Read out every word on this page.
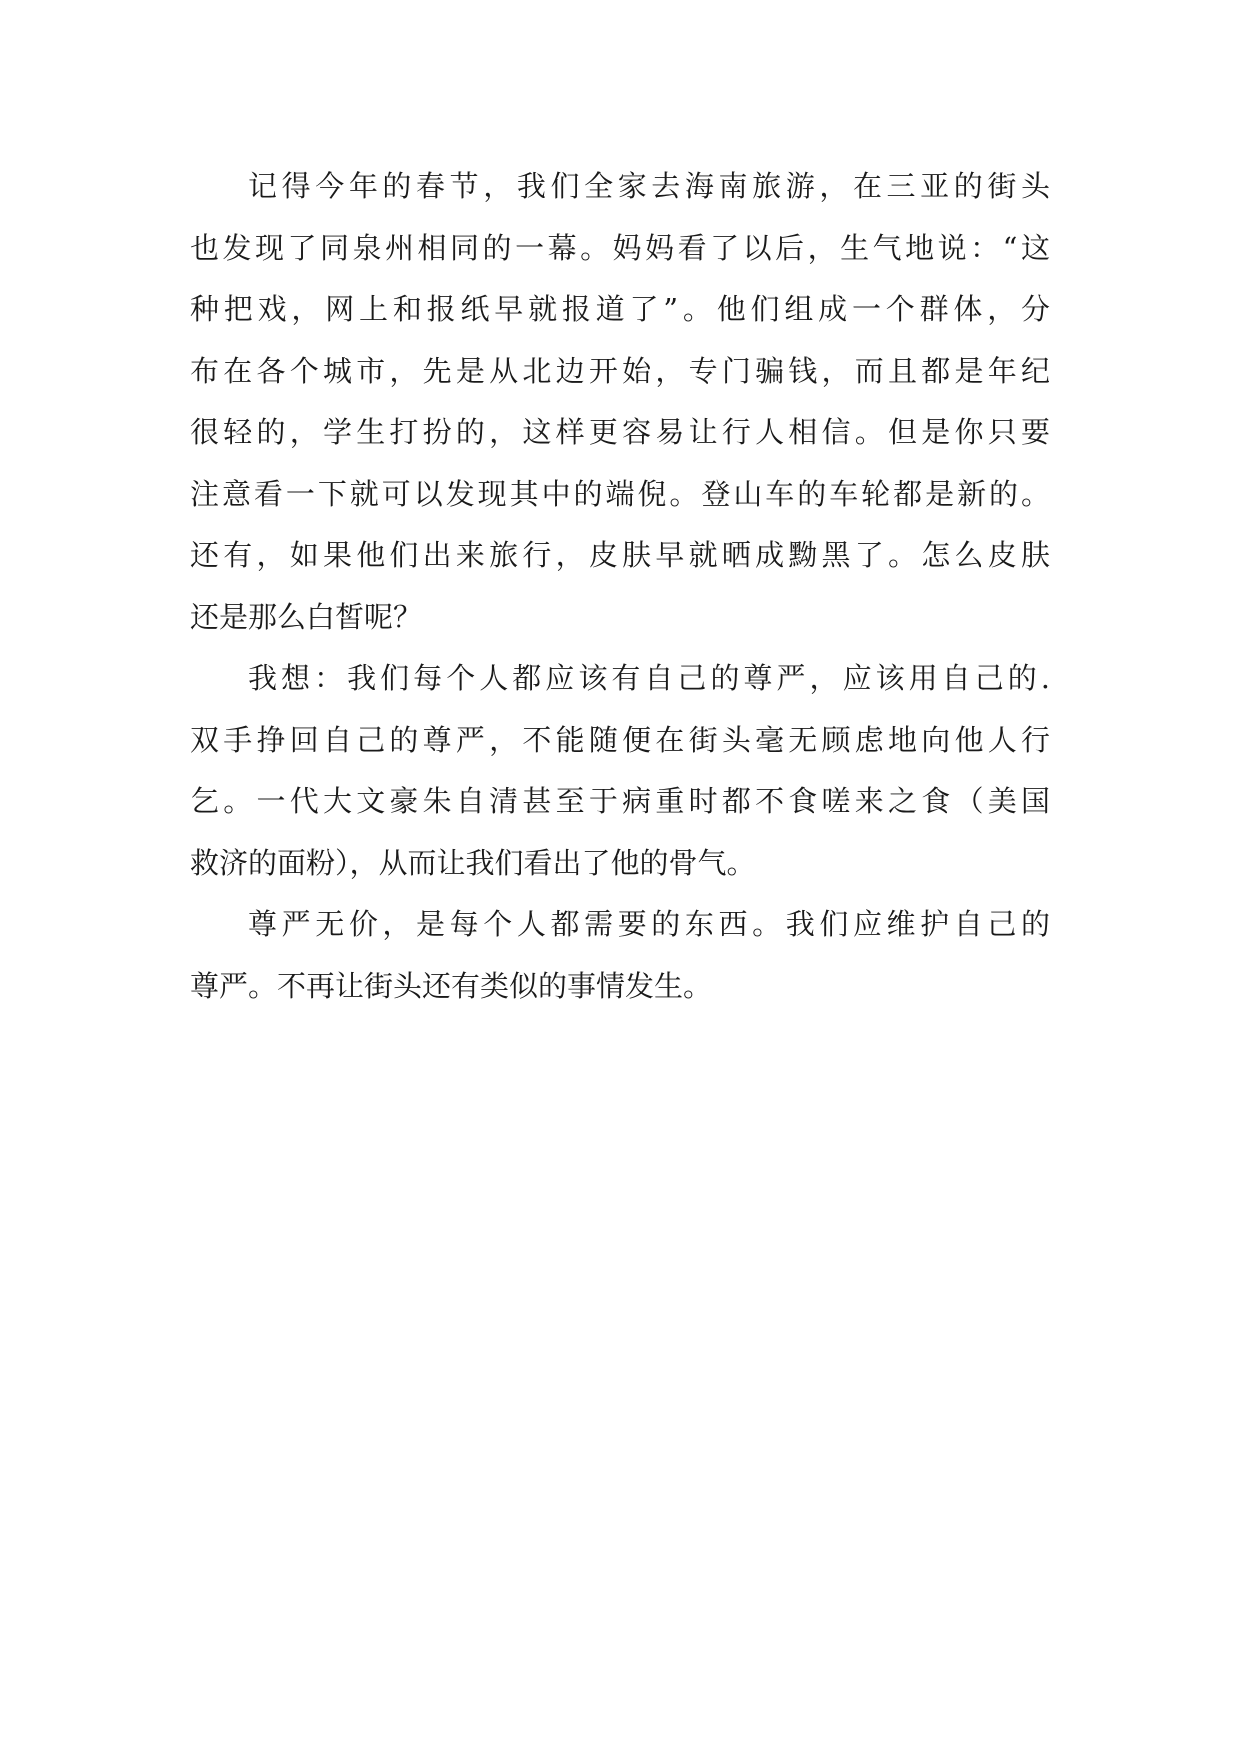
记得今年的春节，我们全家去海南旅游，在三亚的街头
也发现了同泉州相同的一幕。妈妈看了以后，生气地说：“这
种把戏，网上和报纸早就报道了”。他们组成一个群体，分
布在各个城市，先是从北边开始，专门骗钱，而且都是年纪
很轻的，学生打扮的，这样更容易让行人相信。但是你只要
注意看一下就可以发现其中的端倪。登山车的车轮都是新的。
还有，如果他们出来旅行，皮肤早就晒成黝黑了。怎么皮肤
还是那么白皙呢？
我想：我们每个人都应该有自己的尊严，应该用自己的.
双手挣回自己的尊严，不能随便在街头毫无顾虑地向他人行
乞。一代大文豪朱自清甚至于病重时都不食嗟来之食（美国
救济的面粉），从而让我们看出了他的骨气。
尊严无价，是每个人都需要的东西。我们应维护自己的
尊严。不再让街头还有类似的事情发生。
